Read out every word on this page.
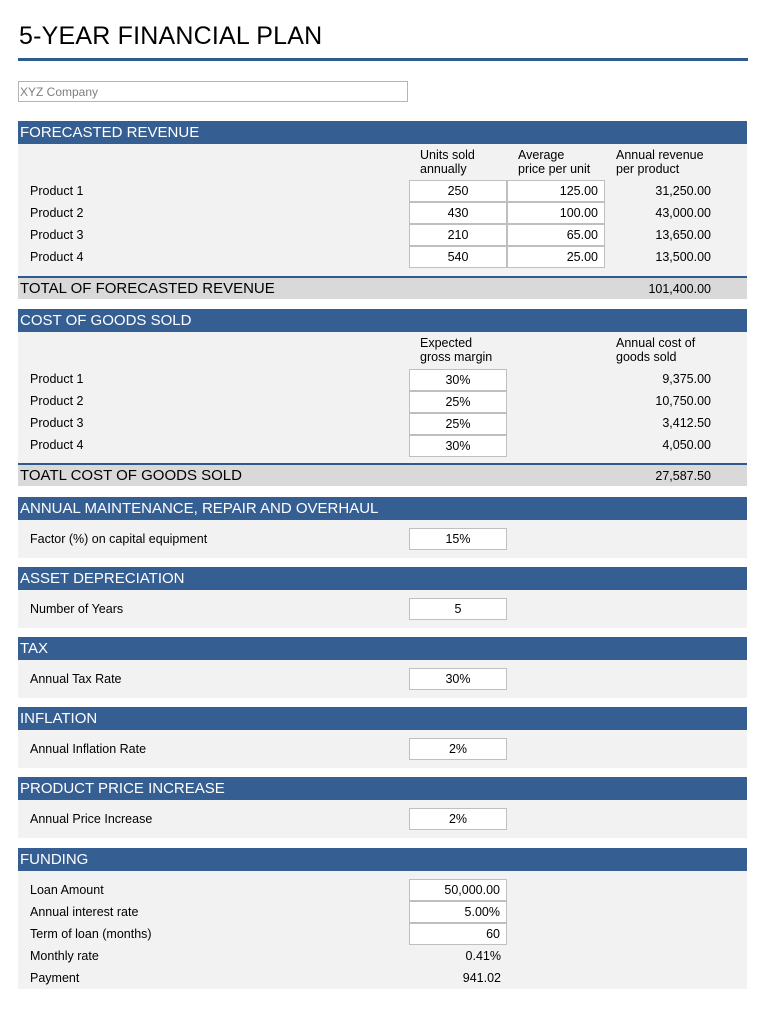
5-YEAR FINANCIAL PLAN
XYZ Company
FORECASTED REVENUE
Units sold
annually
Average
price per unit
Annual revenue
per product
Product 1	250	125.00	31,250.00
Product 2	430	100.00	43,000.00
Product 3	210	65.00	13,650.00
Product 4	540	25.00	13,500.00
TOTAL OF FORECASTED REVENUE	101,400.00
COST OF GOODS SOLD
Expected
gross margin
Annual cost of
goods sold
Product 1	30%	9,375.00
Product 2	25%	10,750.00
Product 3	25%	3,412.50
Product 4	30%	4,050.00
TOATL COST OF GOODS SOLD	27,587.50
ANNUAL MAINTENANCE, REPAIR AND OVERHAUL
Factor (%) on capital equipment	15%
ASSET DEPRECIATION
Number of Years	5
TAX
Annual Tax Rate	30%
INFLATION
Annual Inflation Rate	2%
PRODUCT PRICE INCREASE
Annual Price Increase	2%
FUNDING
Loan Amount	50,000.00
Annual interest rate	5.00%
Term of loan (months)	60
Monthly rate	0.41%
Payment	941.02
